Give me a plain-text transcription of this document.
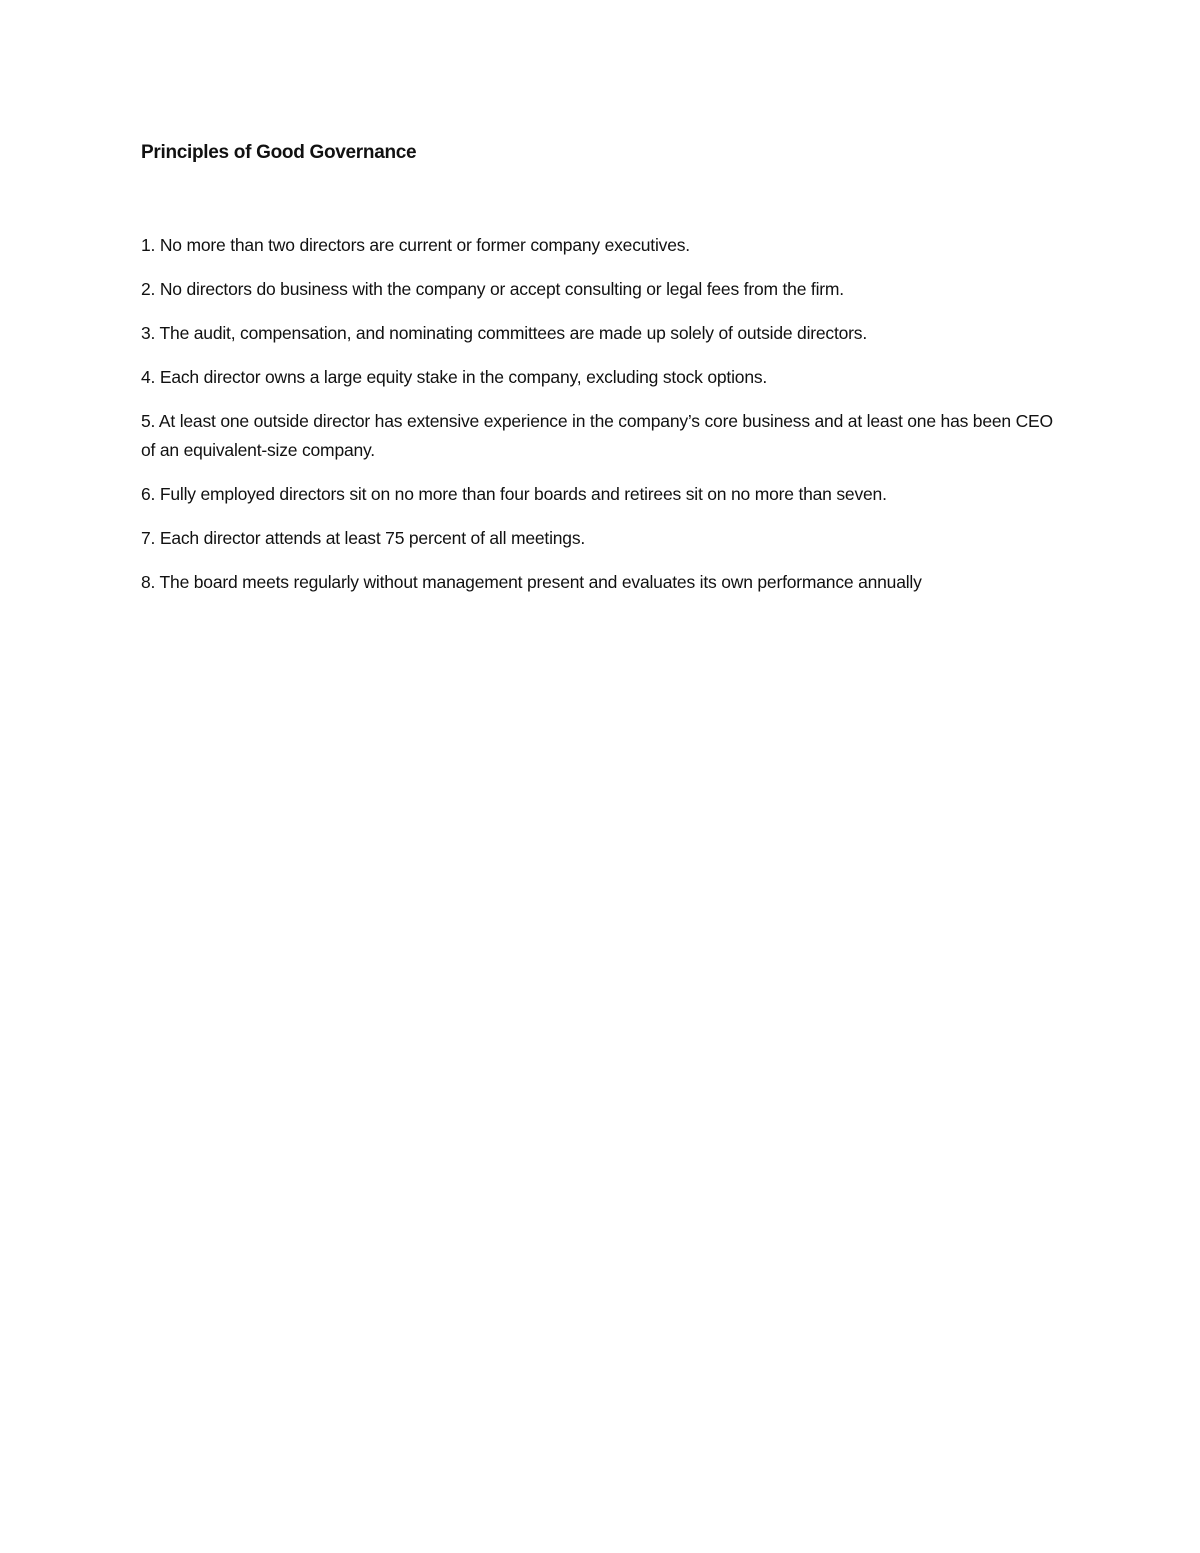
Principles of Good Governance
1. No more than two directors are current or former company executives.
2. No directors do business with the company or accept consulting or legal fees from the firm.
3. The audit, compensation, and nominating committees are made up solely of outside directors.
4. Each director owns a large equity stake in the company, excluding stock options.
5. At least one outside director has extensive experience in the company’s core business and at least one has been CEO of an equivalent-size company.
6. Fully employed directors sit on no more than four boards and retirees sit on no more than seven.
7. Each director attends at least 75 percent of all meetings.
8. The board meets regularly without management present and evaluates its own performance annually
